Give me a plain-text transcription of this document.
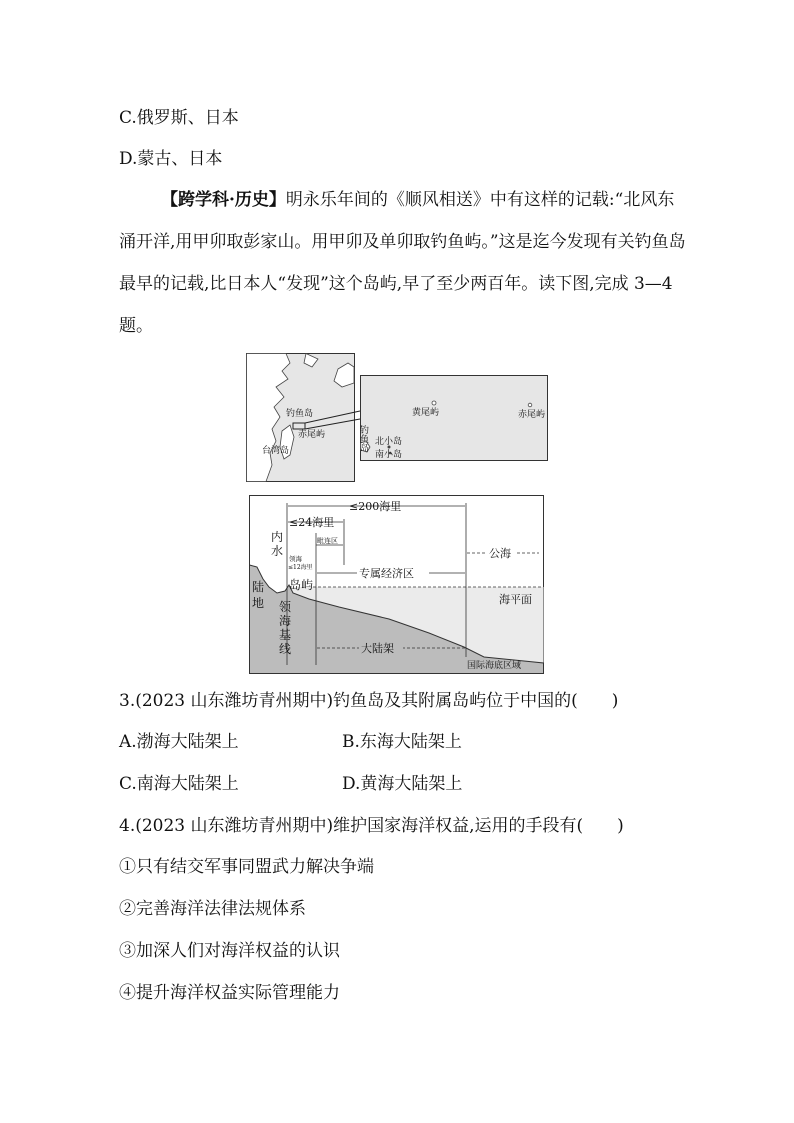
C.俄罗斯、日本
D.蒙古、日本
【跨学科·历史】明永乐年间的《顺风相送》中有这样的记载:“北风东涌开洋,用甲卯取彭家山。用甲卯及单卯取钓鱼屿。”这是迄今发现有关钓鱼岛最早的记载,比日本人“发现”这个岛屿,早了至少两百年。读下图,完成 3—4 题。
钓鱼岛
赤尾屿
台湾岛
黄尾屿	赤尾屿
钓鱼岛 北小岛
南小岛
≤200海里
≤24海里
毗连区
领海
≤12海里
内
水	公海
专属经济区
岛屿
海平面
陆
地 领
海
基
线	大陆架
国际海底区域
3.(2023 山东潍坊青州期中)钓鱼岛及其附属岛屿位于中国的(　　)
A.渤海大陆架上	B.东海大陆架上
C.南海大陆架上	D.黄海大陆架上
4.(2023 山东潍坊青州期中)维护国家海洋权益,运用的手段有(　　)
①只有结交军事同盟武力解决争端
②完善海洋法律法规体系
③加深人们对海洋权益的认识
④提升海洋权益实际管理能力
